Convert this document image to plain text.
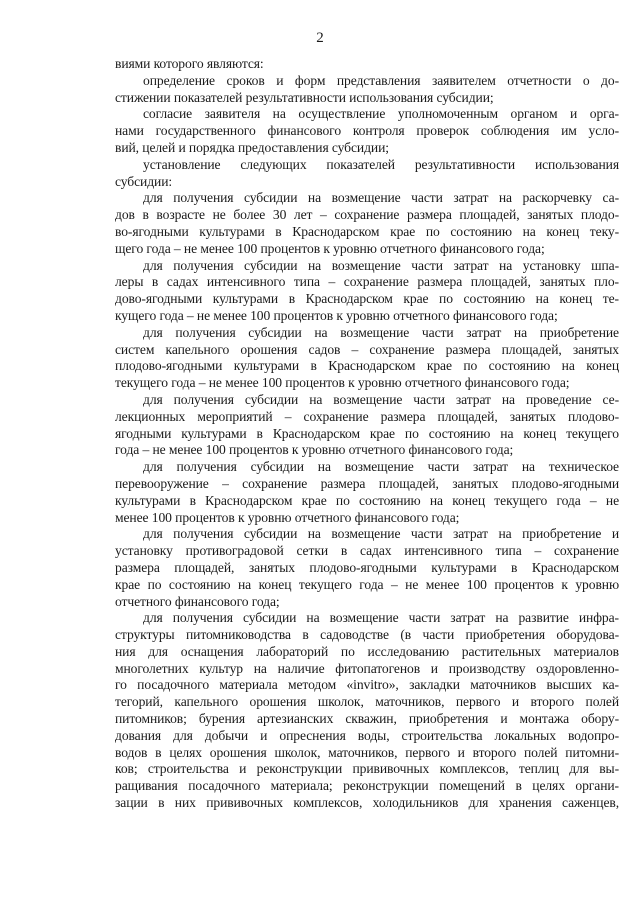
2
виями которого являются:
определение сроков и форм представления заявителем отчетности о до-
стижении показателей результативности использования субсидии;
согласие заявителя на осуществление уполномоченным органом и орга-
нами государственного финансового контроля проверок соблюдения им усло-
вий, целей и порядка предоставления субсидии;
установление следующих показателей результативности использования
субсидии:
для получения субсидии на возмещение части затрат на раскорчевку са-
дов в возрасте не более 30 лет – сохранение размера площадей, занятых плодо-
во-ягодными культурами в Краснодарском крае по состоянию на конец теку-
щего года – не менее 100 процентов к уровню отчетного финансового года;
для получения субсидии на возмещение части затрат на установку шпа-
леры в садах интенсивного типа – сохранение размера площадей, занятых пло-
дово-ягодными культурами в Краснодарском крае по состоянию на конец те-
кущего года – не менее 100 процентов к уровню отчетного финансового года;
для получения субсидии на возмещение части затрат на приобретение
систем капельного орошения садов – сохранение размера площадей, занятых
плодово-ягодными культурами в Краснодарском крае по состоянию на конец
текущего года – не менее 100 процентов к уровню отчетного финансового года;
для получения субсидии на возмещение части затрат на проведение се-
лекционных мероприятий – сохранение размера площадей, занятых плодово-
ягодными культурами в Краснодарском крае по состоянию на конец текущего
года – не менее 100 процентов к уровню отчетного финансового года;
для получения субсидии на возмещение части затрат на техническое
перевооружение – сохранение размера площадей, занятых плодово-ягодными
культурами в Краснодарском крае по состоянию на конец текущего года – не
менее 100 процентов к уровню отчетного финансового года;
для получения субсидии на возмещение части затрат на приобретение и
установку противоградовой сетки в садах интенсивного типа – сохранение
размера площадей, занятых плодово-ягодными культурами в Краснодарском
крае по состоянию на конец текущего года – не менее 100 процентов к уровню
отчетного финансового года;
для получения субсидии на возмещение части затрат на развитие инфра-
структуры питомниководства в садоводстве (в части приобретения оборудова-
ния для оснащения лабораторий по исследованию растительных материалов
многолетних культур на наличие фитопатогенов и производству оздоровленно-
го посадочного материала методом «invitro», закладки маточников высших ка-
тегорий, капельного орошения школок, маточников, первого и второго полей
питомников; бурения артезианских скважин, приобретения и монтажа обору-
дования для добычи и опреснения воды, строительства локальных водопро-
водов в целях орошения школок, маточников, первого и второго полей питомни-
ков; строительства и реконструкции прививочных комплексов, теплиц для вы-
ращивания посадочного материала; реконструкции помещений в целях органи-
зации в них прививочных комплексов, холодильников для хранения саженцев,
